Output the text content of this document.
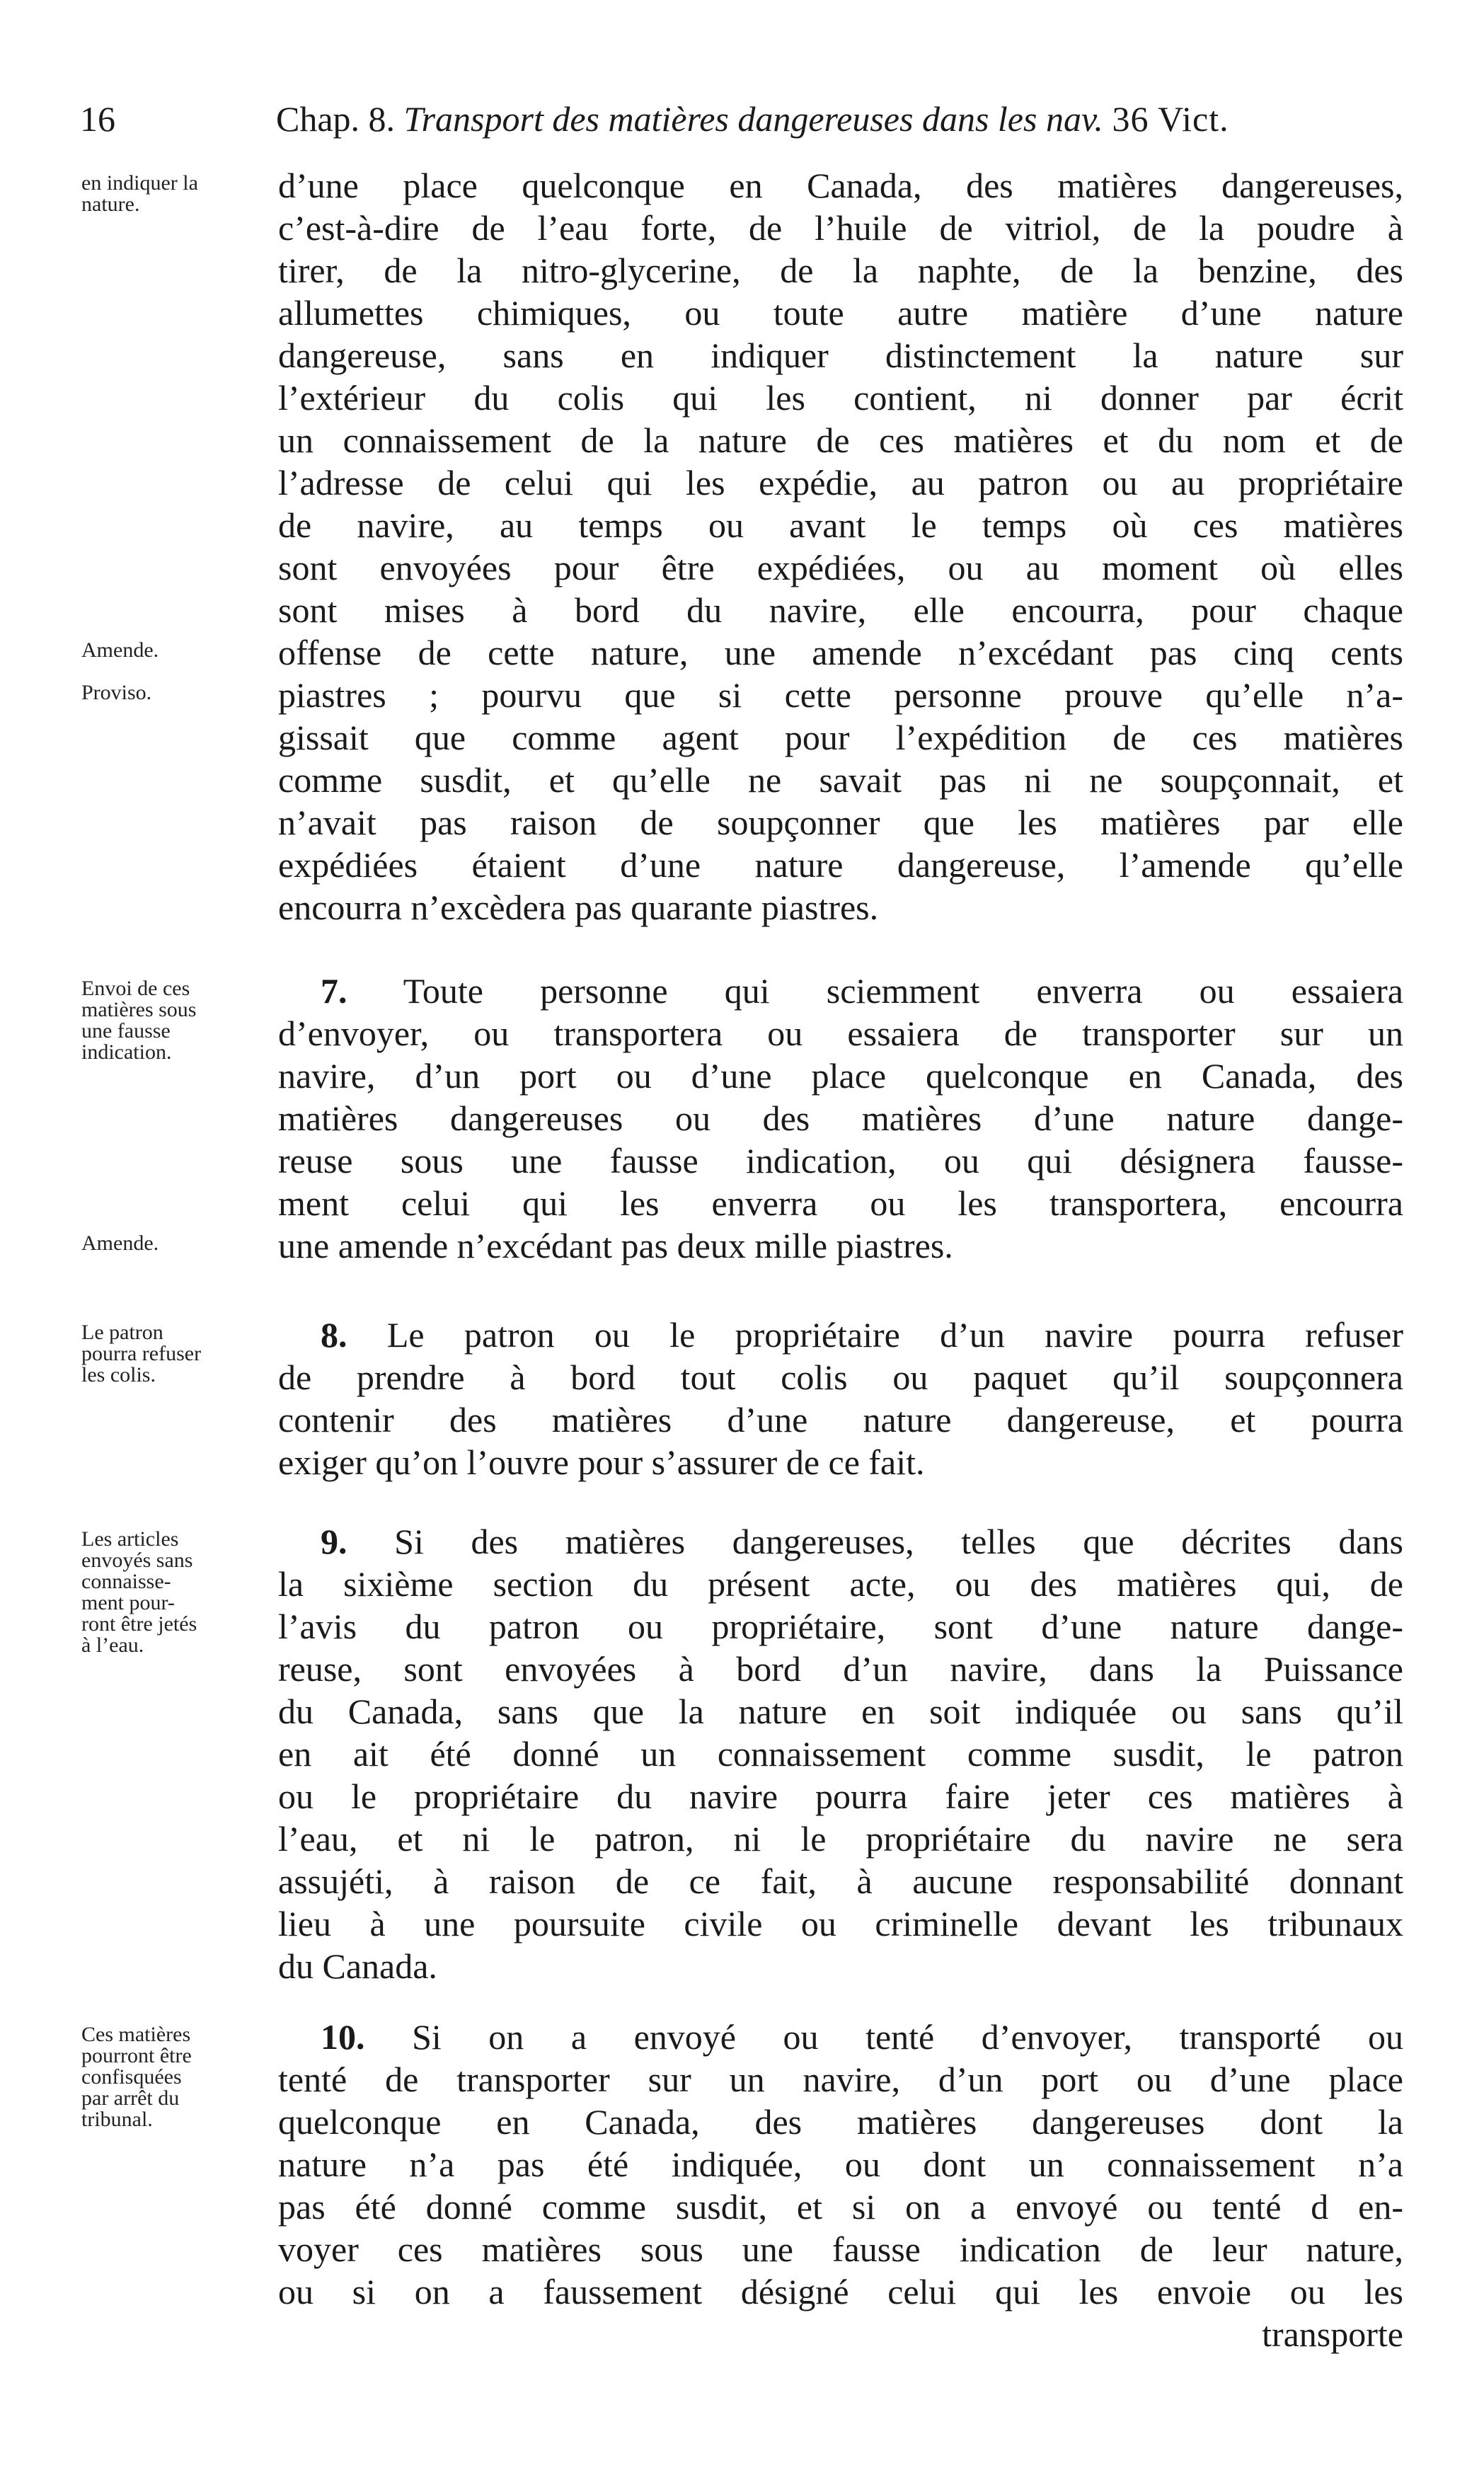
16	Chap. 8. Transport des matières dangereuses dans les nav. 36 Vict.
en indiquer la
nature.
Amende.
Proviso.
d’une place quelconque en Canada, des matières dangereuses,
c’est-à-dire de l’eau forte, de l’huile de vitriol, de la poudre à
tirer, de la nitro-glycerine, de la naphte, de la benzine, des
allumettes chimiques, ou toute autre matière d’une nature
dangereuse, sans en indiquer distinctement la nature sur
l’extérieur du colis qui les contient, ni donner par écrit
un connaissement de la nature de ces matières et du nom et de
l’adresse de celui qui les expédie, au patron ou au propriétaire
de navire, au temps ou avant le temps où ces matières
sont envoyées pour être expédiées, ou au moment où elles
sont mises à bord du navire, elle encourra, pour chaque
offense de cette nature, une amende n’excédant pas cinq cents
piastres ; pourvu que si cette personne prouve qu’elle n’a-
gissait que comme agent pour l’expédition de ces matières
comme susdit, et qu’elle ne savait pas ni ne soupçonnait, et
n’avait pas raison de soupçonner que les matières par elle
expédiées étaient d’une nature dangereuse, l’amende qu’elle
encourra n’excèdera pas quarante piastres.
Envoi de ces
matières sous
une fausse
indication.
Amende.
7. Toute personne qui sciemment enverra ou essaiera
d’envoyer, ou transportera ou essaiera de transporter sur un
navire, d’un port ou d’une place quelconque en Canada, des
matières dangereuses ou des matières d’une nature dange-
reuse sous une fausse indication, ou qui désignera fausse-
ment celui qui les enverra ou les transportera, encourra
une amende n’excédant pas deux mille piastres.
Le patron
pourra refuser
les colis.
8. Le patron ou le propriétaire d’un navire pourra refuser
de prendre à bord tout colis ou paquet qu’il soupçonnera
contenir des matières d’une nature dangereuse, et pourra
exiger qu’on l’ouvre pour s’assurer de ce fait.
Les articles
envoyés sans
connaisse-
ment pour-
ront être jetés
à l’eau.
9. Si des matières dangereuses, telles que décrites dans
la sixième section du présent acte, ou des matières qui, de
l’avis du patron ou propriétaire, sont d’une nature dange-
reuse, sont envoyées à bord d’un navire, dans la Puissance
du Canada, sans que la nature en soit indiquée ou sans qu’il
en ait été donné un connaissement comme susdit, le patron
ou le propriétaire du navire pourra faire jeter ces matières à
l’eau, et ni le patron, ni le propriétaire du navire ne sera
assujéti, à raison de ce fait, à aucune responsabilité donnant
lieu à une poursuite civile ou criminelle devant les tribunaux
du Canada.
Ces matières
pourront être
confisquées
par arrêt du
tribunal.
10. Si on a envoyé ou tenté d’envoyer, transporté ou
tenté de transporter sur un navire, d’un port ou d’une place
quelconque en Canada, des matières dangereuses dont la
nature n’a pas été indiquée, ou dont un connaissement n’a
pas été donné comme susdit, et si on a envoyé ou tenté d en-
voyer ces matières sous une fausse indication de leur nature,
ou si on a faussement désigné celui qui les envoie ou les
transporte
